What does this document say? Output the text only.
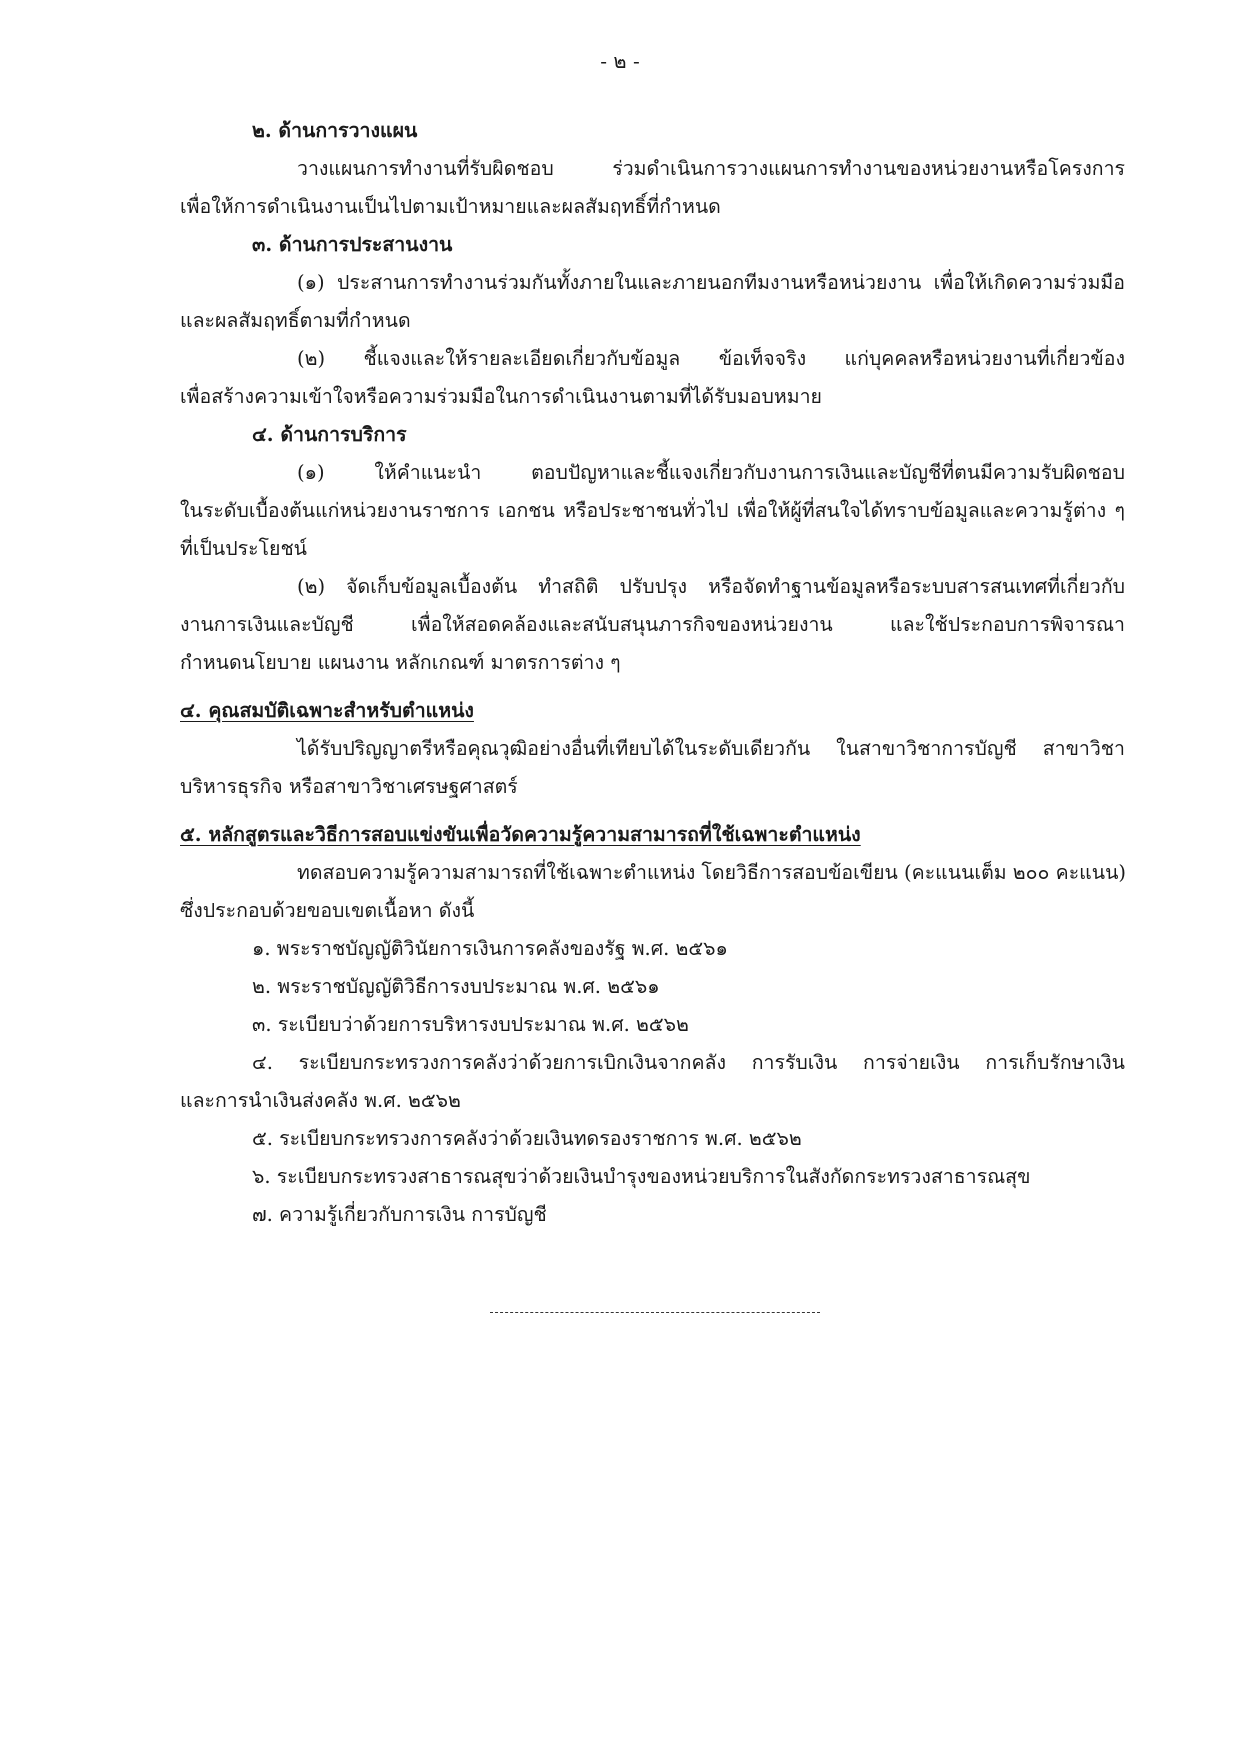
- ๒ -
๒. ด้านการวางแผน
วางแผนการทำงานที่รับผิดชอบ ร่วมดำเนินการวางแผนการทำงานของหน่วยงานหรือโครงการ
เพื่อให้การดำเนินงานเป็นไปตามเป้าหมายและผลสัมฤทธิ์ที่กำหนด
๓. ด้านการประสานงาน
(๑) ประสานการทำงานร่วมกันทั้งภายในและภายนอกทีมงานหรือหน่วยงาน เพื่อให้เกิดความร่วมมือ
และผลสัมฤทธิ์ตามที่กำหนด
(๒) ชี้แจงและให้รายละเอียดเกี่ยวกับข้อมูล ข้อเท็จจริง แก่บุคคลหรือหน่วยงานที่เกี่ยวข้อง
เพื่อสร้างความเข้าใจหรือความร่วมมือในการดำเนินงานตามที่ได้รับมอบหมาย
๔. ด้านการบริการ
(๑) ให้คำแนะนำ ตอบปัญหาและชี้แจงเกี่ยวกับงานการเงินและบัญชีที่ตนมีความรับผิดชอบ
ในระดับเบื้องต้นแก่หน่วยงานราชการ เอกชน หรือประชาชนทั่วไป เพื่อให้ผู้ที่สนใจได้ทราบข้อมูลและความรู้ต่าง ๆ
ที่เป็นประโยชน์
(๒) จัดเก็บข้อมูลเบื้องต้น ทำสถิติ ปรับปรุง หรือจัดทำฐานข้อมูลหรือระบบสารสนเทศที่เกี่ยวกับ
งานการเงินและบัญชี เพื่อให้สอดคล้องและสนับสนุนภารกิจของหน่วยงาน และใช้ประกอบการพิจารณา
กำหนดนโยบาย แผนงาน หลักเกณฑ์ มาตรการต่าง ๆ
๔. คุณสมบัติเฉพาะสำหรับตำแหน่ง
ได้รับปริญญาตรีหรือคุณวุฒิอย่างอื่นที่เทียบได้ในระดับเดียวกัน ในสาขาวิชาการบัญชี สาขาวิชา
บริหารธุรกิจ หรือสาขาวิชาเศรษฐศาสตร์
๕. หลักสูตรและวิธีการสอบแข่งขันเพื่อวัดความรู้ความสามารถที่ใช้เฉพาะตำแหน่ง
ทดสอบความรู้ความสามารถที่ใช้เฉพาะตำแหน่ง โดยวิธีการสอบข้อเขียน (คะแนนเต็ม ๒๐๐ คะแนน)
ซึ่งประกอบด้วยขอบเขตเนื้อหา ดังนี้
๑. พระราชบัญญัติวินัยการเงินการคลังของรัฐ พ.ศ. ๒๕๖๑
๒. พระราชบัญญัติวิธีการงบประมาณ พ.ศ. ๒๕๖๑
๓. ระเบียบว่าด้วยการบริหารงบประมาณ พ.ศ. ๒๕๖๒
๔. ระเบียบกระทรวงการคลังว่าด้วยการเบิกเงินจากคลัง การรับเงิน การจ่ายเงิน การเก็บรักษาเงิน
และการนำเงินส่งคลัง พ.ศ. ๒๕๖๒
๕. ระเบียบกระทรวงการคลังว่าด้วยเงินทดรองราชการ พ.ศ. ๒๕๖๒
๖. ระเบียบกระทรวงสาธารณสุขว่าด้วยเงินบำรุงของหน่วยบริการในสังกัดกระทรวงสาธารณสุข
๗. ความรู้เกี่ยวกับการเงิน การบัญชี
